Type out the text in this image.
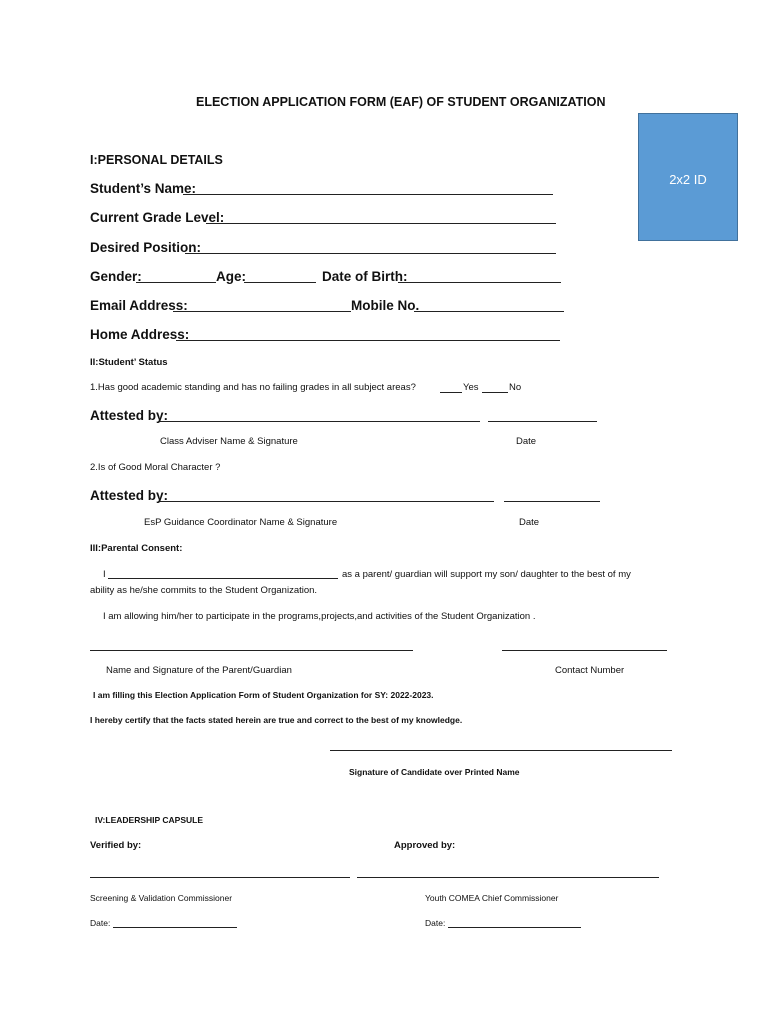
ELECTION APPLICATION FORM (EAF) OF STUDENT ORGANIZATION
2x2 ID
I:PERSONAL DETAILS
Student’s Name:
Current Grade Level:
Desired Position:
Gender:	Age:	Date of Birth:
Email Address:	Mobile No.
Home Address:
II:Student’ Status
1.Has good academic standing and has no failing grades in all subject areas?	Yes	No
Attested by:
Class Adviser Name & Signature	Date
2.Is of Good Moral Character ?
Attested by:
EsP Guidance Coordinator Name & Signature	Date
III:Parental Consent:
I	as a parent/ guardian will support my son/ daughter to the best of my
ability as he/she commits to the Student Organization.
I am allowing him/her to participate in the programs,projects,and activities of the Student Organization .
Name and Signature of the Parent/Guardian	Contact Number
I am filling this Election Application Form of Student Organization for SY: 2022-2023.
I hereby certify that the facts stated herein are true and correct to the best of my knowledge.
Signature of Candidate over Printed Name
IV:LEADERSHIP CAPSULE
Verified by:	Approved by:
Screening & Validation Commissioner	Youth COMEA Chief Commissioner
Date:	Date:
